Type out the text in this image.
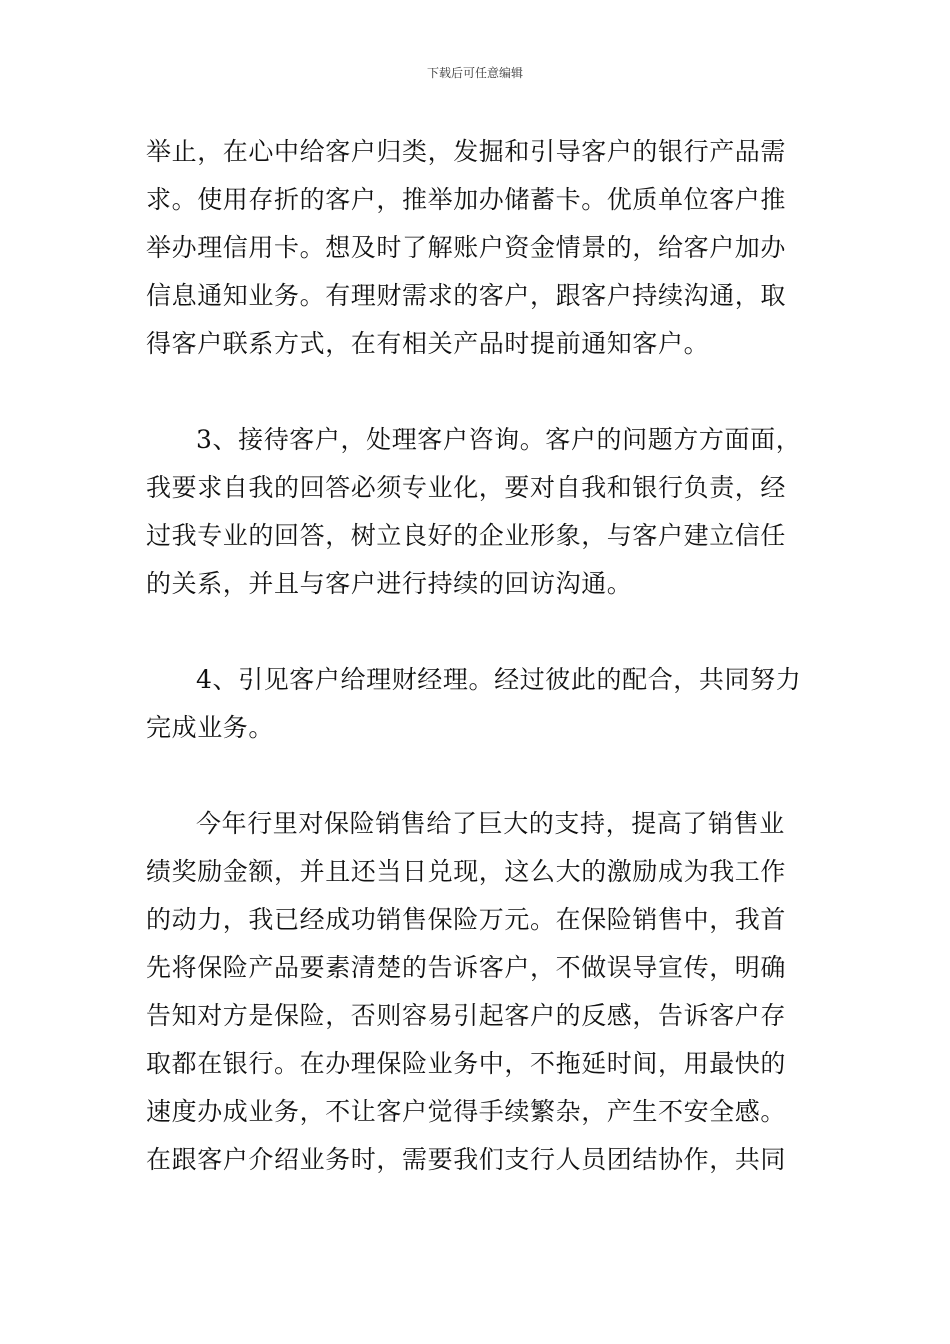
下载后可任意编辑

举止，在心中给客户归类，发掘和引导客户的银行产品需
求。使用存折的客户，推举加办储蓄卡。优质单位客户推
举办理信用卡。想及时了解账户资金情景的，给客户加办
信息通知业务。有理财需求的客户，跟客户持续沟通，取
得客户联系方式，在有相关产品时提前通知客户。

3、接待客户，处理客户咨询。客户的问题方方面面，
我要求自我的回答必须专业化，要对自我和银行负责，经
过我专业的回答，树立良好的企业形象，与客户建立信任
的关系，并且与客户进行持续的回访沟通。

4、引见客户给理财经理。经过彼此的配合，共同努力
完成业务。

今年行里对保险销售给了巨大的支持，提高了销售业
绩奖励金额，并且还当日兑现，这么大的激励成为我工作
的动力，我已经成功销售保险万元。在保险销售中，我首
先将保险产品要素清楚的告诉客户，不做误导宣传，明确
告知对方是保险，否则容易引起客户的反感，告诉客户存
取都在银行。在办理保险业务中，不拖延时间，用最快的
速度办成业务，不让客户觉得手续繁杂，产生不安全感。
在跟客户介绍业务时，需要我们支行人员团结协作，共同
